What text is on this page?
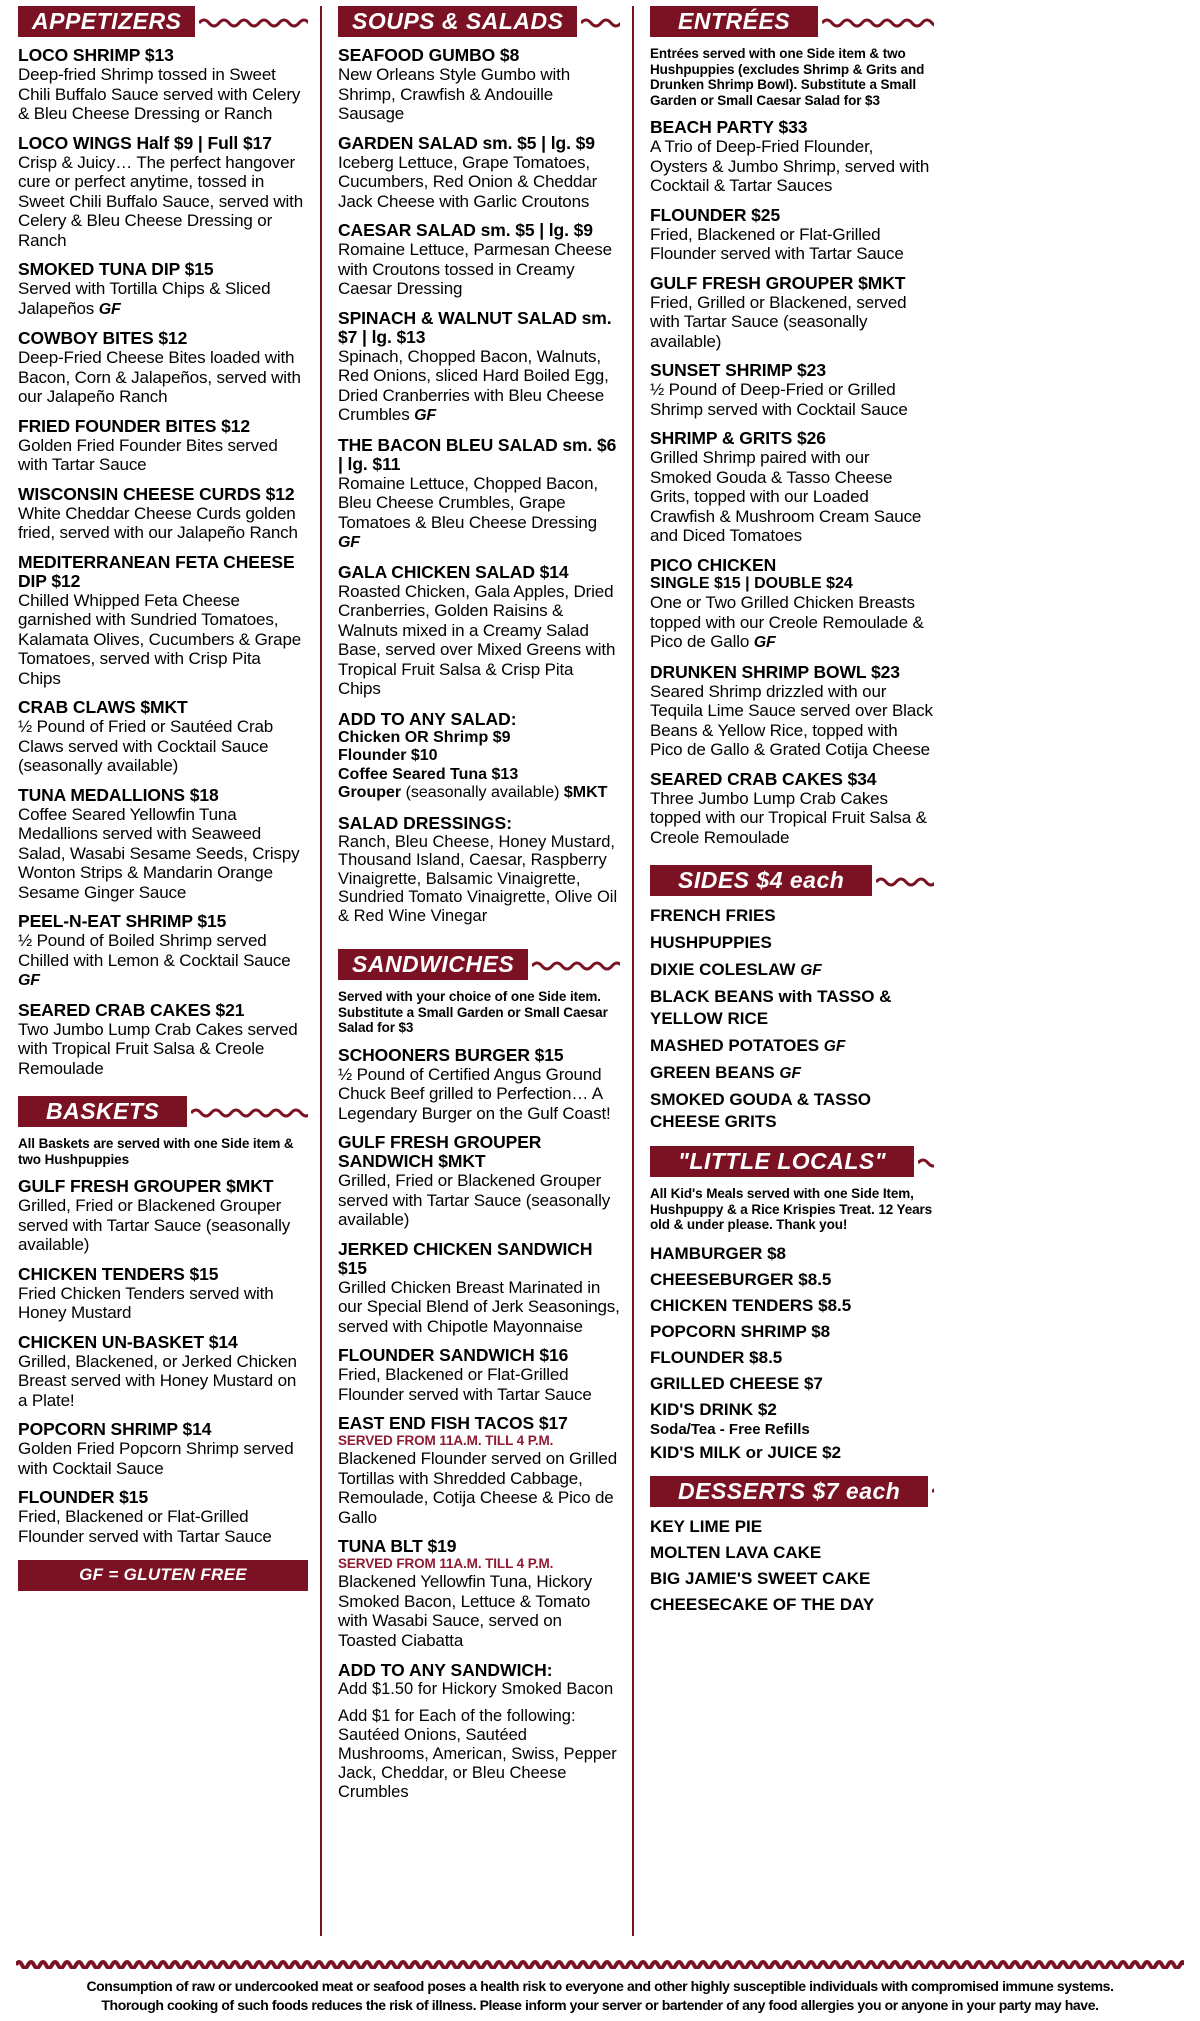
APPETIZERS
LOCO SHRIMP $13
Deep-fried Shrimp tossed in Sweet Chili Buffalo Sauce served with Celery & Bleu Cheese Dressing or Ranch
LOCO WINGS Half $9 | Full $17
Crisp & Juicy… The perfect hangover cure or perfect anytime, tossed in Sweet Chili Buffalo Sauce, served with Celery & Bleu Cheese Dressing or Ranch
SMOKED TUNA DIP $15
Served with Tortilla Chips & Sliced Jalapeños GF
COWBOY BITES $12
Deep-Fried Cheese Bites loaded with Bacon, Corn & Jalapeños, served with our Jalapeño Ranch
FRIED FOUNDER BITES $12
Golden Fried Founder Bites served with Tartar Sauce
WISCONSIN CHEESE CURDS $12
White Cheddar Cheese Curds golden fried, served with our Jalapeño Ranch
MEDITERRANEAN FETA CHEESE DIP $12
Chilled Whipped Feta Cheese garnished with Sundried Tomatoes, Kalamata Olives, Cucumbers & Grape Tomatoes, served with Crisp Pita Chips
CRAB CLAWS $MKT
½ Pound of Fried or Sautéed Crab Claws served with Cocktail Sauce (seasonally available)
TUNA MEDALLIONS $18
Coffee Seared Yellowfin Tuna Medallions served with Seaweed Salad, Wasabi Sesame Seeds, Crispy Wonton Strips & Mandarin Orange Sesame Ginger Sauce
PEEL-N-EAT SHRIMP $15
½ Pound of Boiled Shrimp served Chilled with Lemon & Cocktail Sauce GF
SEARED CRAB CAKES $21
Two Jumbo Lump Crab Cakes served with Tropical Fruit Salsa & Creole Remoulade
BASKETS
All Baskets are served with one Side item & two Hushpuppies
GULF FRESH GROUPER $MKT
Grilled, Fried or Blackened Grouper served with Tartar Sauce (seasonally available)
CHICKEN TENDERS $15
Fried Chicken Tenders served with Honey Mustard
CHICKEN UN-BASKET $14
Grilled, Blackened, or Jerked Chicken Breast served with Honey Mustard on a Plate!
POPCORN SHRIMP $14
Golden Fried Popcorn Shrimp served with Cocktail Sauce
FLOUNDER $15
Fried, Blackened or Flat-Grilled Flounder served with Tartar Sauce
GF = GLUTEN FREE
SOUPS & SALADS
SEAFOOD GUMBO $8
New Orleans Style Gumbo with Shrimp, Crawfish & Andouille Sausage
GARDEN SALAD sm. $5 | lg. $9
Iceberg Lettuce, Grape Tomatoes, Cucumbers, Red Onion & Cheddar Jack Cheese with Garlic Croutons
CAESAR SALAD sm. $5 | lg. $9
Romaine Lettuce, Parmesan Cheese with Croutons tossed in Creamy Caesar Dressing
SPINACH & WALNUT SALAD sm. $7 | lg. $13
Spinach, Chopped Bacon, Walnuts, Red Onions, sliced Hard Boiled Egg, Dried Cranberries with Bleu Cheese Crumbles GF
THE BACON BLEU SALAD sm. $6 | lg. $11
Romaine Lettuce, Chopped Bacon, Bleu Cheese Crumbles, Grape Tomatoes & Bleu Cheese Dressing GF
GALA CHICKEN SALAD $14
Roasted Chicken, Gala Apples, Dried Cranberries, Golden Raisins & Walnuts mixed in a Creamy Salad Base, served over Mixed Greens with Tropical Fruit Salsa & Crisp Pita Chips
ADD TO ANY SALAD:
Chicken OR Shrimp $9
Flounder $10
Coffee Seared Tuna $13
Grouper (seasonally available) $MKT
SALAD DRESSINGS:
Ranch, Bleu Cheese, Honey Mustard, Thousand Island, Caesar, Raspberry Vinaigrette, Balsamic Vinaigrette, Sundried Tomato Vinaigrette, Olive Oil & Red Wine Vinegar
SANDWICHES
Served with your choice of one Side item. Substitute a Small Garden or Small Caesar Salad for $3
SCHOONERS BURGER $15
½ Pound of Certified Angus Ground Chuck Beef grilled to Perfection… A Legendary Burger on the Gulf Coast!
GULF FRESH GROUPER SANDWICH $MKT
Grilled, Fried or Blackened Grouper served with Tartar Sauce (seasonally available)
JERKED CHICKEN SANDWICH $15
Grilled Chicken Breast Marinated in our Special Blend of Jerk Seasonings, served with Chipotle Mayonnaise
FLOUNDER SANDWICH $16
Fried, Blackened or Flat-Grilled Flounder served with Tartar Sauce
EAST END FISH TACOS $17
SERVED FROM 11A.M. TILL 4 P.M.
Blackened Flounder served on Grilled Tortillas with Shredded Cabbage, Remoulade, Cotija Cheese & Pico de Gallo
TUNA BLT $19
SERVED FROM 11A.M. TILL 4 P.M.
Blackened Yellowfin Tuna, Hickory Smoked Bacon, Lettuce & Tomato with Wasabi Sauce, served on Toasted Ciabatta
ADD TO ANY SANDWICH:
Add $1.50 for Hickory Smoked Bacon
Add $1 for Each of the following: Sautéed Onions, Sautéed Mushrooms, American, Swiss, Pepper Jack, Cheddar, or Bleu Cheese Crumbles
ENTRÉES
Entrées served with one Side item & two Hushpuppies (excludes Shrimp & Grits and Drunken Shrimp Bowl). Substitute a Small Garden or Small Caesar Salad for $3
BEACH PARTY $33
A Trio of Deep-Fried Flounder, Oysters & Jumbo Shrimp, served with Cocktail & Tartar Sauces
FLOUNDER $25
Fried, Blackened or Flat-Grilled Flounder served with Tartar Sauce
GULF FRESH GROUPER $MKT
Fried, Grilled or Blackened, served with Tartar Sauce (seasonally available)
SUNSET SHRIMP $23
½ Pound of Deep-Fried or Grilled Shrimp served with Cocktail Sauce
SHRIMP & GRITS $26
Grilled Shrimp paired with our Smoked Gouda & Tasso Cheese Grits, topped with our Loaded Crawfish & Mushroom Cream Sauce and Diced Tomatoes
PICO CHICKEN
SINGLE $15 | DOUBLE $24
One or Two Grilled Chicken Breasts topped with our Creole Remoulade & Pico de Gallo GF
DRUNKEN SHRIMP BOWL $23
Seared Shrimp drizzled with our Tequila Lime Sauce served over Black Beans & Yellow Rice, topped with Pico de Gallo & Grated Cotija Cheese
SEARED CRAB CAKES $34
Three Jumbo Lump Crab Cakes topped with our Tropical Fruit Salsa & Creole Remoulade
SIDES $4 each
FRENCH FRIES
HUSHPUPPIES
DIXIE COLESLAW GF
BLACK BEANS with TASSO & YELLOW RICE
MASHED POTATOES GF
GREEN BEANS GF
SMOKED GOUDA & TASSO CHEESE GRITS
"LITTLE LOCALS"
All Kid's Meals served with one Side Item, Hushpuppy & a Rice Krispies Treat. 12 Years old & under please. Thank you!
HAMBURGER $8
CHEESEBURGER $8.5
CHICKEN TENDERS $8.5
POPCORN SHRIMP $8
FLOUNDER $8.5
GRILLED CHEESE $7
KID'S DRINK $2
Soda/Tea - Free Refills
KID'S MILK or JUICE $2
DESSERTS $7 each
KEY LIME PIE
MOLTEN LAVA CAKE
BIG JAMIE'S SWEET CAKE
CHEESECAKE OF THE DAY
Consumption of raw or undercooked meat or seafood poses a health risk to everyone and other highly susceptible individuals with compromised immune systems.
Thorough cooking of such foods reduces the risk of illness. Please inform your server or bartender of any food allergies you or anyone in your party may have.
